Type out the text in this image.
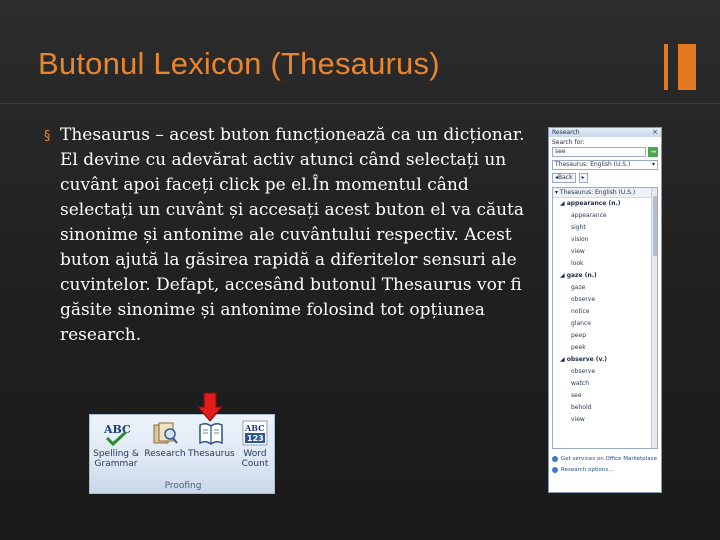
Butonul Lexicon (Thesaurus)
§ Thesaurus – acest buton funcționează ca un dicționar. El devine cu adevărat activ atunci când selectați un cuvânt apoi faceți click pe el.În momentul când selectați un cuvânt și accesați acest buton el va căuta sinonime și antonime ale cuvântului respectiv. Acest buton ajută la găsirea rapidă a diferitelor sensuri ale cuvintelor. Defapt, accesând butonul Thesaurus vor fi găsite sinonime și antonime folosind tot opțiunea research.
ABC
Spelling &
Grammar
Research Thesaurus
ABC
123
Word
Count
Proofing
Research	×
Search for:
see	→
Thesaurus: English (U.S.)	▾
◂Back	▸
▾ Thesaurus: English (U.S.)
◢ appearance (n.)
appearance
sight
vision
view
look
◢ gaze (n.)
gaze
observe
notice
glance
peep
peek
◢ observe (v.)
observe
watch
see
behold
view
Get services on Office Marketplace
Research options...
